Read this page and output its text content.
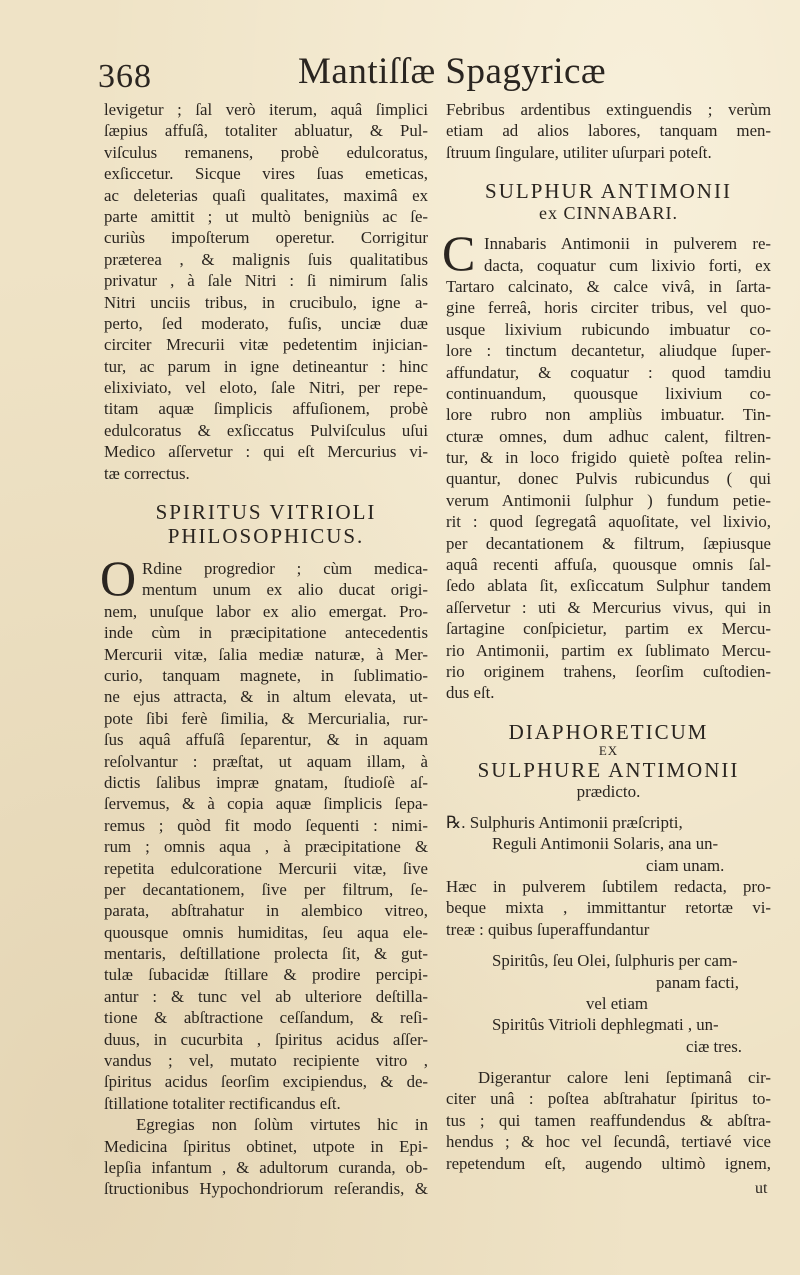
368	Mantiſſæ Spagyricæ
levigetur ; ſal verò iterum, aquâ ſimplici
ſæpius affuſâ, totaliter abluatur, & Pul-
viſculus remanens, probè edulcoratus,
exſiccetur. Sicque vires ſuas emeticas,
ac deleterias quaſi qualitates, maximâ ex
parte amittit ; ut multò benigniùs ac ſe-
curiùs impoſterum operetur. Corrigitur
præterea , & malignis ſuis qualitatibus
privatur , à ſale Nitri : ſi nimirum ſalis
Nitri unciis tribus, in crucibulo, igne a-
perto, ſed moderato, fuſis, unciæ duæ
circiter Mrecurii vitæ pedetentim injician-
tur, ac parum in igne detineantur : hinc
elixiviato, vel eloto, ſale Nitri, per repe-
titam aquæ ſimplicis affuſionem, probè
edulcoratus & exſiccatus Pulviſculus uſui
Medico aſſervetur : qui eſt Mercurius vi-
tæ correctus.
SPIRITUS VITRIOLI
PHILOSOPHICUS.
O Rdine progredior ; cùm medica-
mentum unum ex alio ducat origi-
nem, unuſque labor ex alio emergat. Pro-
inde cùm in præcipitatione antecedentis
Mercurii vitæ, ſalia mediæ naturæ, à Mer-
curio, tanquam magnete, in ſublimatio-
ne ejus attracta, & in altum elevata, ut-
pote ſibi ferè ſimilia, & Mercurialia, rur-
ſus aquâ affuſâ ſeparentur, & in aquam
reſolvantur : præſtat, ut aquam illam, à
dictis ſalibus impræ gnatam, ſtudioſè aſ-
ſervemus, & à copia aquæ ſimplicis ſepa-
remus ; quòd fit modo ſequenti : nimi-
rum ; omnis aqua , à præcipitatione &
repetita edulcoratione Mercurii vitæ, ſive
per decantationem, ſive per filtrum, ſe-
parata, abſtrahatur in alembico vitreo,
quousque omnis humiditas, ſeu aqua ele-
mentaris, deſtillatione prolecta ſit, & gut-
tulæ ſubacidæ ſtillare & prodire percipi-
antur : & tunc vel ab ulteriore deſtilla-
tione & abſtractione ceſſandum, & reſi-
duus, in cucurbita , ſpiritus acidus aſſer-
vandus ; vel, mutato recipiente vitro ,
ſpiritus acidus ſeorſim excipiendus, & de-
ſtillatione totaliter rectificandus eſt.
Egregias non ſolùm virtutes hic in
Medicina ſpiritus obtinet, utpote in Epi-
lepſia infantum , & adultorum curanda, ob-
ſtructionibus Hypochondriorum reſerandis, &
Febribus ardentibus extinguendis ; verùm
etiam ad alios labores, tanquam men-
ſtruum ſingulare, utiliter uſurpari poteſt.
SULPHUR ANTIMONII
ex CINNABARI.
C Innabaris Antimonii in pulverem re-
dacta, coquatur cum lixivio forti, ex
Tartaro calcinato, & calce vivâ, in ſarta-
gine ferreâ, horis circiter tribus, vel quo-
usque lixivium rubicundo imbuatur co-
lore : tinctum decantetur, aliudque ſuper-
affundatur, & coquatur : quod tamdiu
continuandum, quousque lixivium co-
lore rubro non ampliùs imbuatur. Tin-
cturæ omnes, dum adhuc calent, filtren-
tur, & in loco frigido quietè poſtea relin-
quantur, donec Pulvis rubicundus ( qui
verum Antimonii ſulphur ) fundum petie-
rit : quod ſegregatâ aquoſitate, vel lixivio,
per decantationem & filtrum, ſæpiusque
aquâ recenti affuſa, quousque omnis ſal-
ſedo ablata ſit, exſiccatum Sulphur tandem
aſſervetur : uti & Mercurius vivus, qui in
ſartagine conſpicietur, partim ex Mercu-
rio Antimonii, partim ex ſublimato Mercu-
rio originem trahens, ſeorſim cuſtodien-
dus eſt.
DIAPHORETICUM
EX
SULPHURE ANTIMONII
prædicto.
℞. Sulphuris Antimonii præſcripti,
Reguli Antimonii Solaris, ana un-
ciam unam.
Hæc in pulverem ſubtilem redacta, pro-
beque mixta , immittantur retortæ vi-
treæ : quibus ſuperaffundantur
Spiritûs, ſeu Olei, ſulphuris per cam-
panam facti,
vel etiam
Spiritûs Vitrioli dephlegmati , un-
ciæ tres.
Digerantur calore leni ſeptimanâ cir-
citer unâ : poſtea abſtrahatur ſpiritus to-
tus ; qui tamen reaffundendus & abſtra-
hendus ; & hoc vel ſecundâ, tertiavé vice
repetendum eſt, augendo ultimò ignem,
ut
